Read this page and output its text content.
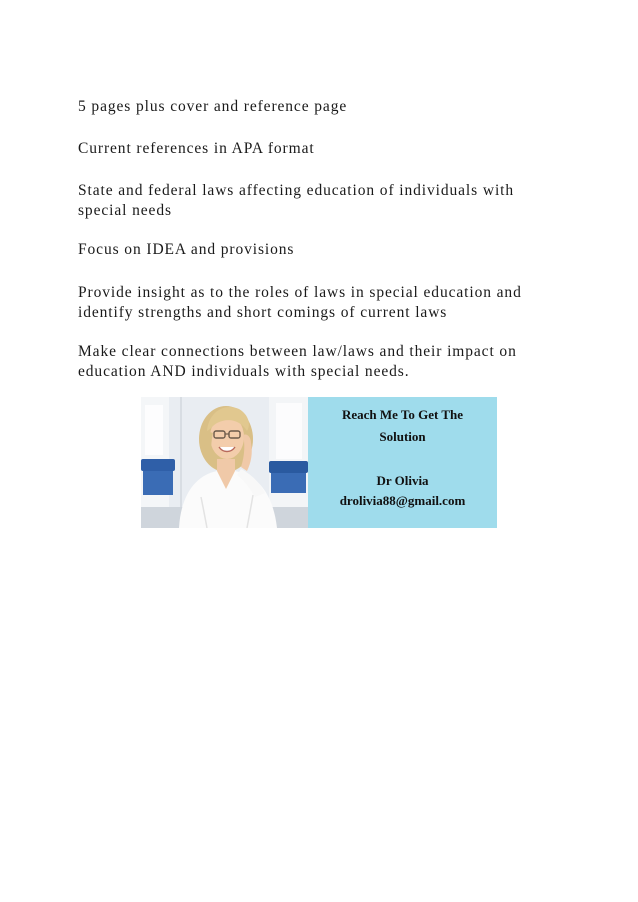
5 pages plus cover and reference page

Current references in APA format

State and federal laws affecting education of individuals with special needs

Focus on IDEA and provisions

Provide insight as to the roles of laws in special education and identify strengths and short comings of current laws

Make clear connections between law/laws and their impact on education AND individuals with special needs.

Reach Me To Get The
Solution
Dr Olivia
drolivia88@gmail.com
